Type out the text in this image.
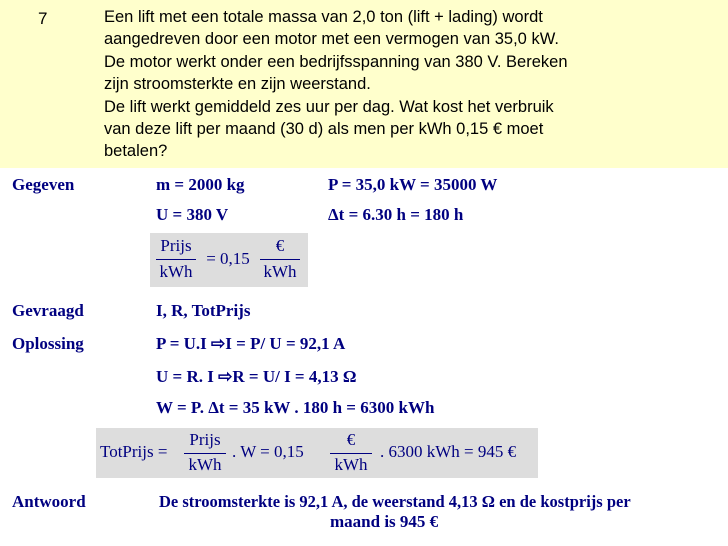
7	Een lift met een totale massa van 2,0 ton (lift + lading) wordt
aangedreven door een motor met een vermogen van 35,0 kW.
De motor werkt onder een bedrijfsspanning van 380 V. Bereken
zijn stroomsterkte en zijn weerstand.
De lift werkt gemiddeld zes uur per dag. Wat kost het verbruik
van deze lift per maand (30 d) als men per kWh 0,15 € moet
betalen?
Gegeven	m = 2000 kg	P = 35,0 kW = 35000 W
U = 380 V	Δt = 6.30 h = 180 h
Prijs
kWh
= 0,15
€
kWh
Gevraagd	I, R, TotPrijs
Oplossing	P = U.I ⇨I = P/ U = 92,1 A
U = R. I ⇨R = U/ I = 4,13 Ω
W = P. Δt = 35 kW . 180 h = 6300 kWh
TotPrijs =
Prijs
kWh
. W = 0,15
€
kWh
. 6300 kWh = 945 €
Antwoord	De stroomsterkte is 92,1 A, de weerstand 4,13 Ω en de kostprijs per
maand is 945 €
